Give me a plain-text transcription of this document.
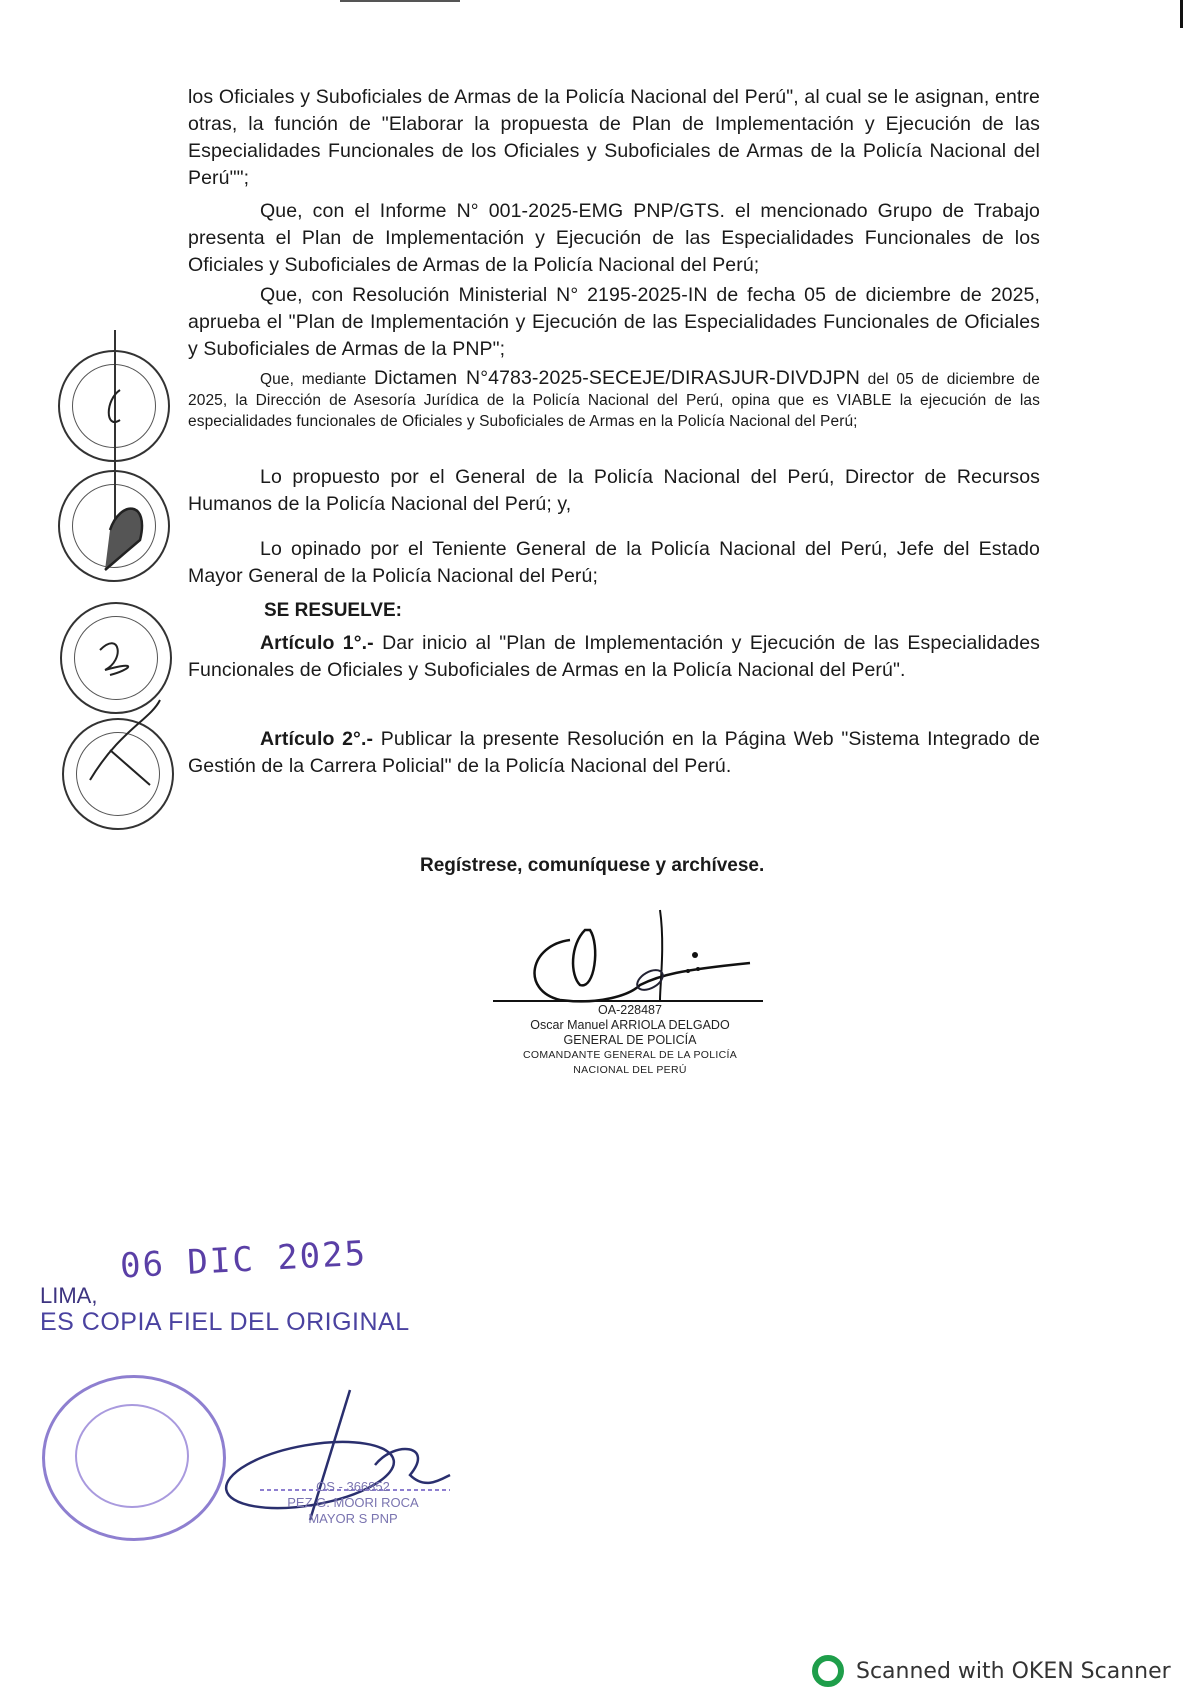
los Oficiales y Suboficiales de Armas de la Policía Nacional del Perú", al cual se le asignan, entre otras, la función de "Elaborar la propuesta de Plan de Implementación y Ejecución de las Especialidades Funcionales de los Oficiales y Suboficiales de Armas de la Policía Nacional del Perú"";
Que, con el Informe N° 001-2025-EMG PNP/GTS. el mencionado Grupo de Trabajo presenta el Plan de Implementación y Ejecución de las Especialidades Funcionales de los Oficiales y Suboficiales de Armas de la Policía Nacional del Perú;
Que, con Resolución Ministerial N° 2195-2025-IN de fecha 05 de diciembre de 2025, aprueba el "Plan de Implementación y Ejecución de las Especialidades Funcionales de Oficiales y Suboficiales de Armas de la PNP";
Que, mediante Dictamen N°4783-2025-SECEJE/DIRASJUR-DIVDJPN del 05 de diciembre de 2025, la Dirección de Asesoría Jurídica de la Policía Nacional del Perú, opina que es VIABLE la ejecución de las especialidades funcionales de Oficiales y Suboficiales de Armas en la Policía Nacional del Perú;
Lo propuesto por el General de la Policía Nacional del Perú, Director de Recursos Humanos de la Policía Nacional del Perú; y,
Lo opinado por el Teniente General de la Policía Nacional del Perú, Jefe del Estado Mayor General de la Policía Nacional del Perú;
SE RESUELVE:
Artículo 1°.- Dar inicio al "Plan de Implementación y Ejecución de las Especialidades Funcionales de Oficiales y Suboficiales de Armas en la Policía Nacional del Perú".
Artículo 2°.- Publicar la presente Resolución en la Página Web "Sistema Integrado de Gestión de la Carrera Policial" de la Policía Nacional del Perú.
Regístrese, comuníquese y archívese.
OA-228487
Oscar Manuel ARRIOLA DELGADO
GENERAL DE POLICÍA
COMANDANTE GENERAL DE LA POLICÍA
NACIONAL DEL PERÚ
06 DIC 2025
LIMA,
ES COPIA FIEL DEL ORIGINAL
OS - 366852
PEZ G. MOORI ROCA
MAYOR S PNP
Scanned with OKEN Scanner
